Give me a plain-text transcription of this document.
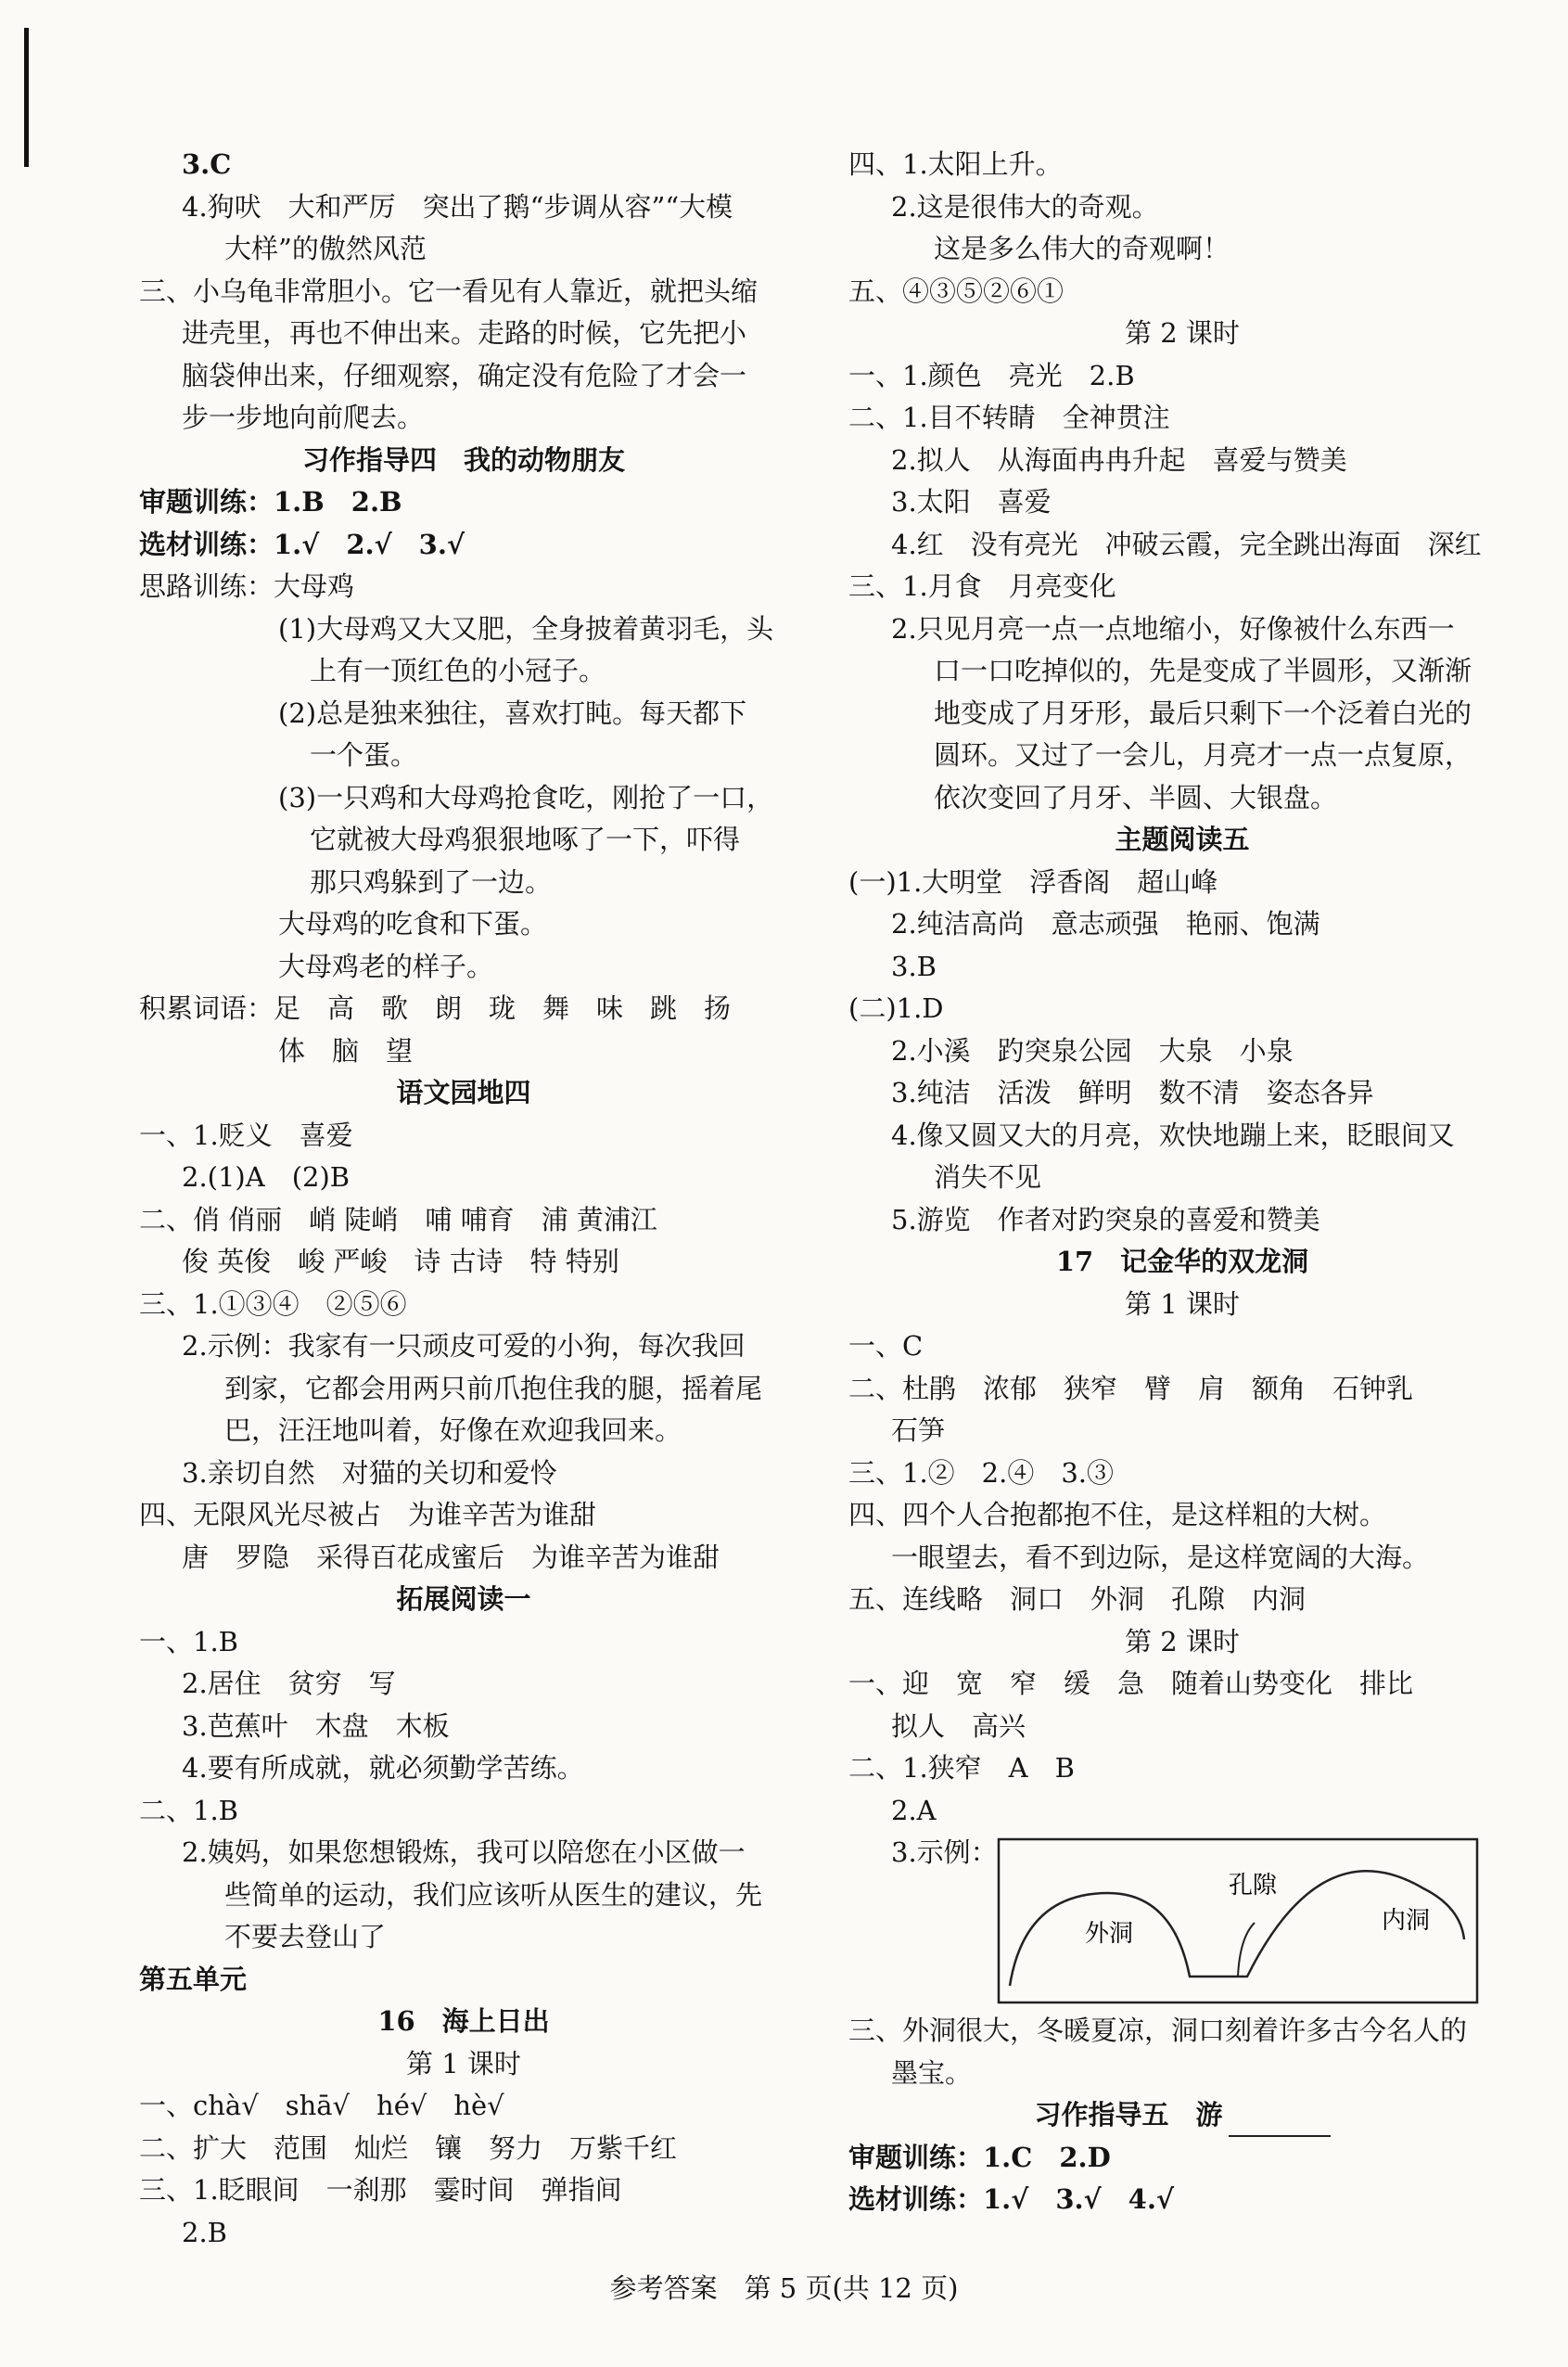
3.C
4.狗吠　大和严厉　突出了鹅“步调从容”“大模
大样”的傲然风范
三、小乌龟非常胆小。它一看见有人靠近，就把头缩
进壳里，再也不伸出来。走路的时候，它先把小
脑袋伸出来，仔细观察，确定没有危险了才会一
步一步地向前爬去。
习作指导四　我的动物朋友
审题训练：1.B　2.B
选材训练：1.√　2.√　3.√
思路训练：大母鸡
(1)大母鸡又大又肥，全身披着黄羽毛，头
上有一顶红色的小冠子。
(2)总是独来独往，喜欢打盹。每天都下
一个蛋。
(3)一只鸡和大母鸡抢食吃，刚抢了一口，
它就被大母鸡狠狠地啄了一下，吓得
那只鸡躲到了一边。
大母鸡的吃食和下蛋。
大母鸡老的样子。
积累词语：足　高　歌　朗　珑　舞　味　跳　扬
体　脑　望
语文园地四
一、1.贬义　喜爱
2.(1)A　(2)B
二、俏 俏丽　峭 陡峭　哺 哺育　浦 黄浦江
俊 英俊　峻 严峻　诗 古诗　特 特别
三、1.①③④　②⑤⑥
2.示例：我家有一只顽皮可爱的小狗，每次我回
到家，它都会用两只前爪抱住我的腿，摇着尾
巴，汪汪地叫着，好像在欢迎我回来。
3.亲切自然　对猫的关切和爱怜
四、无限风光尽被占　为谁辛苦为谁甜
唐　罗隐　采得百花成蜜后　为谁辛苦为谁甜
拓展阅读一
一、1.B
2.居住　贫穷　写
3.芭蕉叶　木盘　木板
4.要有所成就，就必须勤学苦练。
二、1.B
2.姨妈，如果您想锻炼，我可以陪您在小区做一
些简单的运动，我们应该听从医生的建议，先
不要去登山了
第五单元
16　海上日出
第 1 课时
一、chà√　shā√　hé√　hè√
二、扩大　范围　灿烂　镶　努力　万紫千红
三、1.眨眼间　一刹那　霎时间　弹指间
2.B
四、1.太阳上升。
2.这是很伟大的奇观。
这是多么伟大的奇观啊！
五、④③⑤②⑥①
第 2 课时
一、1.颜色　亮光　2.B
二、1.目不转睛　全神贯注
2.拟人　从海面冉冉升起　喜爱与赞美
3.太阳　喜爱
4.红　没有亮光　冲破云霞，完全跳出海面　深红
三、1.月食　月亮变化
2.只见月亮一点一点地缩小，好像被什么东西一
口一口吃掉似的，先是变成了半圆形，又渐渐
地变成了月牙形，最后只剩下一个泛着白光的
圆环。又过了一会儿，月亮才一点一点复原，
依次变回了月牙、半圆、大银盘。
主题阅读五
(一)1.大明堂　浮香阁　超山峰
2.纯洁高尚　意志顽强　艳丽、饱满
3.B
(二)1.D
2.小溪　趵突泉公园　大泉　小泉
3.纯洁　活泼　鲜明　数不清　姿态各异
4.像又圆又大的月亮，欢快地蹦上来，眨眼间又
消失不见
5.游览　作者对趵突泉的喜爱和赞美
17　记金华的双龙洞
第 1 课时
一、C
二、杜鹃　浓郁　狭窄　臂　肩　额角　石钟乳
石笋
三、1.②　2.④　3.③
四、四个人合抱都抱不住，是这样粗的大树。
一眼望去，看不到边际，是这样宽阔的大海。
五、连线略　洞口　外洞　孔隙　内洞
第 2 课时
一、迎　宽　窄　缓　急　随着山势变化　排比
拟人　高兴
二、1.狭窄　A　B
2.A
3.示例：
外洞
孔隙
内洞
三、外洞很大，冬暖夏凉，洞口刻着许多古今名人的
墨宝。
习作指导五　游
审题训练：1.C　2.D
选材训练：1.√　3.√　4.√
参考答案　第 5 页(共 12 页)
